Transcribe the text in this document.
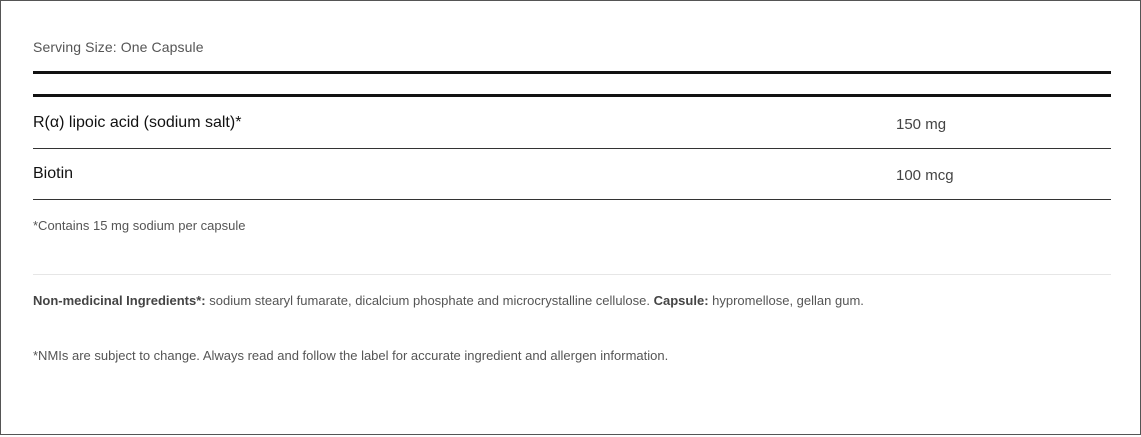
Serving Size: One Capsule
R(α) lipoic acid (sodium salt)*	150 mg
Biotin	100 mcg
*Contains 15 mg sodium per capsule
Non-medicinal Ingredients*: sodium stearyl fumarate, dicalcium phosphate and microcrystalline cellulose. Capsule: hypromellose, gellan gum.
*NMIs are subject to change. Always read and follow the label for accurate ingredient and allergen information.
